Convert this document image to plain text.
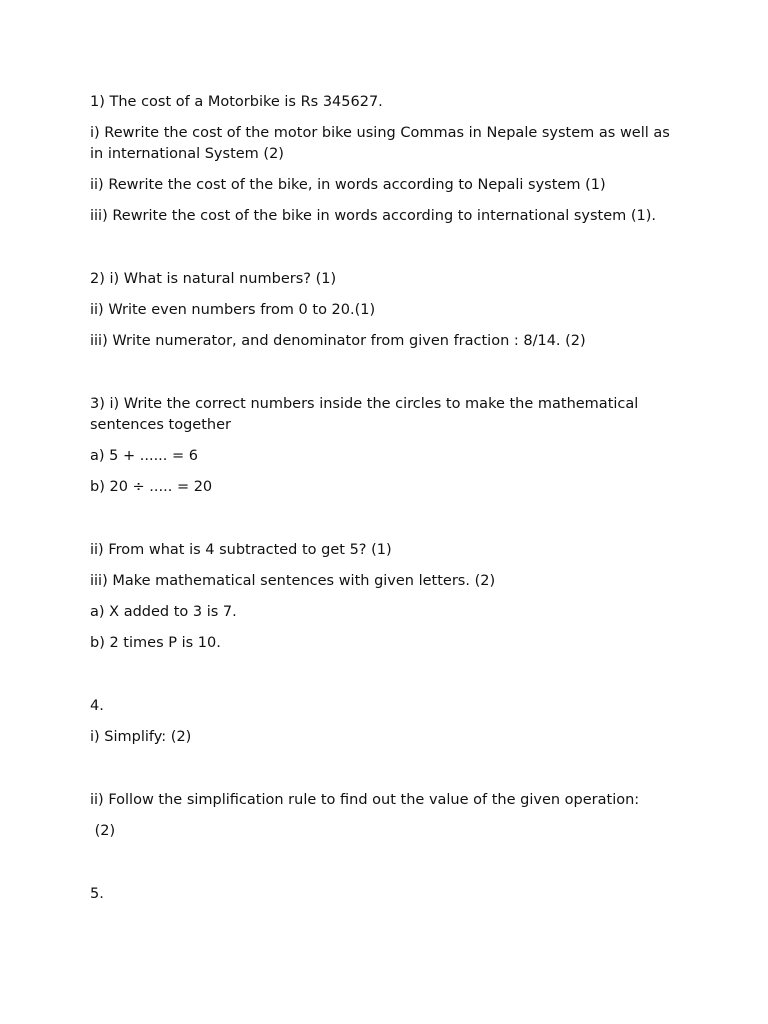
1) The cost of a Motorbike is Rs 345627.

i) Rewrite the cost of the motor bike using Commas in Nepale system as well as in international System (2)

ii) Rewrite the cost of the bike, in words according to Nepali system (1)

iii) Rewrite the cost of the bike in words according to international system (1).

2) i) What is natural numbers? (1)

ii) Write even numbers from 0 to 20.(1)

iii) Write numerator, and denominator from given fraction : 8/14. (2)

3) i) Write the correct numbers inside the circles to make the mathematical sentences together

a) 5 + ...... = 6

b) 20 ÷ ..... = 20

ii) From what is 4 subtracted to get 5? (1)

iii) Make mathematical sentences with given letters. (2)

a) X added to 3 is 7.

b) 2 times P is 10.

4.

i) Simplify: (2)

ii) Follow the simplification rule to find out the value of the given operation:

(2)

5.
